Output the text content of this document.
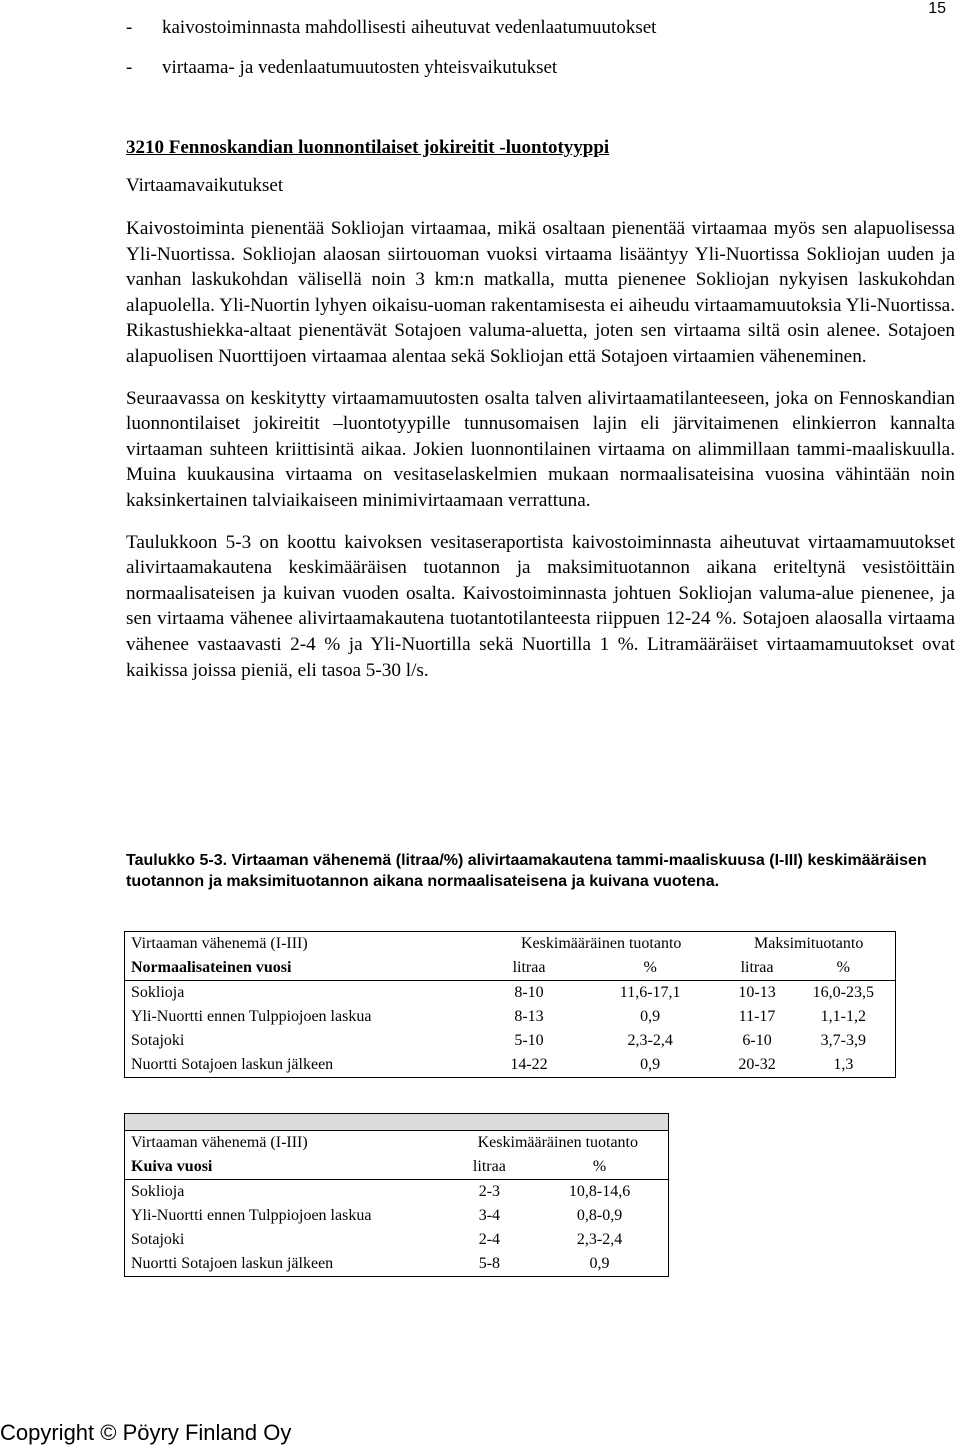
15
- kaivostoiminnasta mahdollisesti aiheutuvat vedenlaatumuutokset
- virtaama- ja vedenlaatumuutosten yhteisvaikutukset
3210 Fennoskandian luonnontilaiset jokireitit -luontotyyppi
Virtaamavaikutukset

Kaivostoiminta pienentää Sokliojan virtaamaa, mikä osaltaan pienentää virtaamaa myös sen alapuolisessa Yli-Nuortissa. Sokliojan alaosan siirtouoman vuoksi virtaama lisääntyy Yli-Nuortissa Sokliojan uuden ja vanhan laskukohdan välisellä noin 3 km:n matkalla, mutta pienenee Sokliojan nykyisen laskukohdan alapuolella. Yli-Nuortin lyhyen oikaisu-uoman rakentamisesta ei aiheudu virtaamamuutoksia Yli-Nuortissa. Rikastushiekka-altaat pienentävät Sotajoen valuma-aluetta, joten sen virtaama siltä osin alenee. Sotajoen alapuolisen Nuorttijoen virtaamaa alentaa sekä Sokliojan että Sotajoen virtaamien väheneminen.

Seuraavassa on keskitytty virtaamamuutosten osalta talven alivirtaamatilanteeseen, joka on Fennoskandian luonnontilaiset jokireitit –luontotyypille tunnusomaisen lajin eli järvitaimenen elinkierron kannalta virtaaman suhteen kriittisintä aikaa. Jokien luonnontilainen virtaama on alimmillaan tammi-maaliskuulla. Muina kuukausina virtaama on vesitaselaskelmien mukaan normaalisateisina vuosina vähintään noin kaksinkertainen talviaikaiseen minimivirtaamaan verrattuna.

Taulukkoon 5-3 on koottu kaivoksen vesitaseraportista kaivostoiminnasta aiheutuvat virtaamamuutokset alivirtaamakautena keskimääräisen tuotannon ja maksimituotannon aikana eriteltynä vesistöittäin normaalisateisen ja kuivan vuoden osalta. Kaivostoiminnasta johtuen Sokliojan valuma-alue pienenee, ja sen virtaama vähenee alivirtaamakautena tuotantotilanteesta riippuen 12-24 %. Sotajoen alaosalla virtaama vähenee vastaavasti 2-4 % ja Yli-Nuortilla sekä Nuortilla 1 %. Litramääräiset virtaamamuutokset ovat kaikissa joissa pieniä, eli tasoa 5-30 l/s.

Taulukko 5-3. Virtaaman vähenemä (litraa/%) alivirtaamakautena tammi-maaliskuusa (I-III) keskimääräisen tuotannon ja maksimituotannon aikana normaalisateisena ja kuivana vuotena.
Virtaaman vähenemä (I-III)	Keskimääräinen tuotanto		Maksimituotanto	
Normaalisateinen vuosi	litraa	%	litraa	%
Soklioja	8-10	11,6-17,1	10-13	16,0-23,5
Yli-Nuortti ennen Tulppiojoen laskua	8-13	0,9	11-17	1,1-1,2
Sotajoki	5-10	2,3-2,4	6-10	3,7-3,9
Nuortti Sotajoen laskun jälkeen	14-22	0,9	20-32	1,3

Virtaaman vähenemä (I-III)	Keskimääräinen tuotanto	
Kuiva vuosi	litraa	%
Soklioja	2-3	10,8-14,6
Yli-Nuortti ennen Tulppiojoen laskua	3-4	0,8-0,9
Sotajoki	2-4	2,3-2,4
Nuortti Sotajoen laskun jälkeen	5-8	0,9
Copyright © Pöyry Finland Oy
